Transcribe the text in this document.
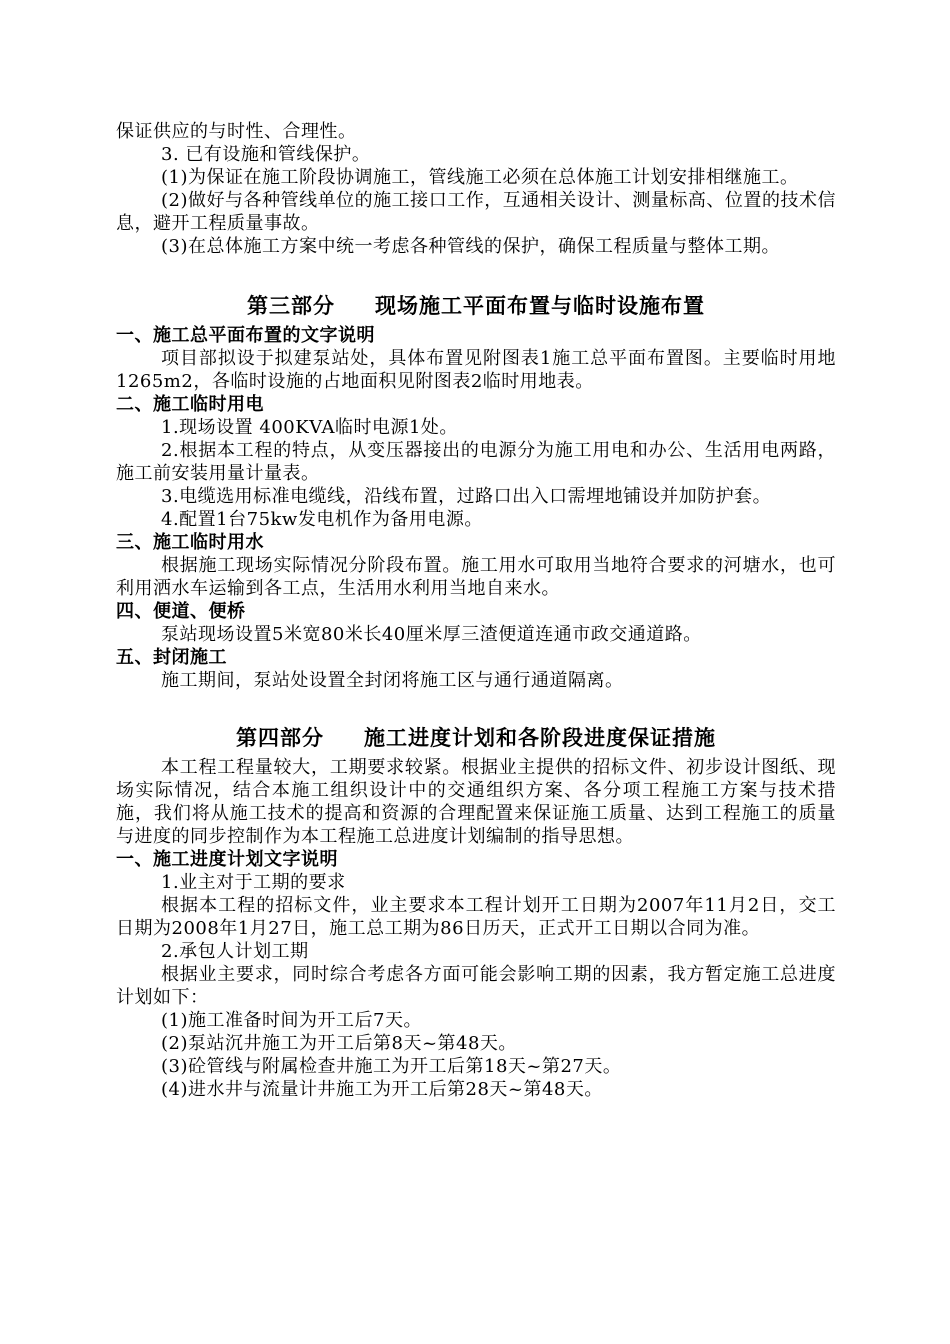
保证供应的与时性、合理性。

3. 已有设施和管线保护。

(1)为保证在施工阶段协调施工，管线施工必须在总体施工计划安排相继施工。

(2)做好与各种管线单位的施工接口工作，互通相关设计、测量标高、位置的技术信息，避开工程质量事故。

(3)在总体施工方案中统一考虑各种管线的保护，确保工程质量与整体工期。

第三部分 现场施工平面布置与临时设施布置
一、施工总平面布置的文字说明

项目部拟设于拟建泵站处，具体布置见附图表1施工总平面布置图。主要临时用地1265m2，各临时设施的占地面积见附图表2临时用地表。

二、施工临时用电

1.现场设置 400KVA临时电源1处。

2.根据本工程的特点，从变压器接出的电源分为施工用电和办公、生活用电两路，施工前安装用量计量表。

3.电缆选用标准电缆线，沿线布置，过路口出入口需埋地铺设并加防护套。

4.配置1台75kw发电机作为备用电源。

三、施工临时用水

根据施工现场实际情况分阶段布置。施工用水可取用当地符合要求的河塘水，也可利用洒水车运输到各工点，生活用水利用当地自来水。

四、便道、便桥

泵站现场设置5米宽80米长40厘米厚三渣便道连通市政交通道路。

五、封闭施工

施工期间，泵站处设置全封闭将施工区与通行通道隔离。

第四部分 施工进度计划和各阶段进度保证措施

本工程工程量较大，工期要求较紧。根据业主提供的招标文件、初步设计图纸、现场实际情况，结合本施工组织设计中的交通组织方案、各分项工程施工方案与技术措施，我们将从施工技术的提高和资源的合理配置来保证施工质量、达到工程施工的质量与进度的同步控制作为本工程施工总进度计划编制的指导思想。

一、施工进度计划文字说明

1.业主对于工期的要求

根据本工程的招标文件，业主要求本工程计划开工日期为2007年11月2日，交工日期为2008年1月27日，施工总工期为86日历天，正式开工日期以合同为准。

2.承包人计划工期

根据业主要求，同时综合考虑各方面可能会影响工期的因素，我方暂定施工总进度计划如下：

(1)施工准备时间为开工后7天。

(2)泵站沉井施工为开工后第8天~第48天。

(3)砼管线与附属检查井施工为开工后第18天~第27天。

(4)进水井与流量计井施工为开工后第28天~第48天。
